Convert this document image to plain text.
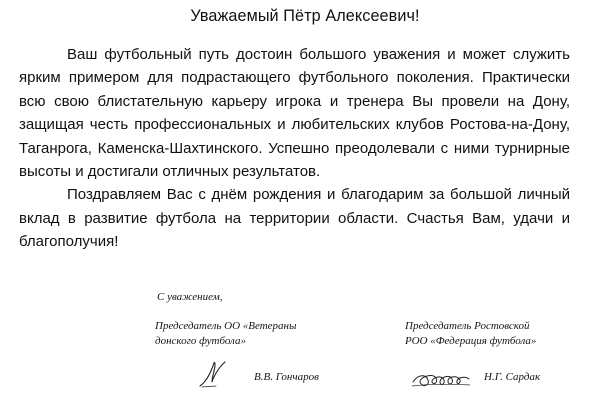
Уважаемый Пётр Алексеевич!

Ваш футбольный путь достоин большого уважения и может служить ярким примером для подрастающего футбольного поколения. Практически всю свою блистательную карьеру игрока и тренера Вы провели на Дону, защищая честь профессиональных и любительских клубов Ростова-на-Дону, Таганрога, Каменска-Шахтинского. Успешно преодолевали с ними турнирные высоты и достигали отличных результатов.

Поздравляем Вас с днём рождения и благодарим за большой личный вклад в развитие футбола на территории области. Счастья Вам, удачи и благополучия!

С уважением,
Председатель ОО «Ветераны
донского футбола»
Председатель Ростовской
РОО «Федерация футбола»
В.В. Гончаров	Н.Г. Сардак
